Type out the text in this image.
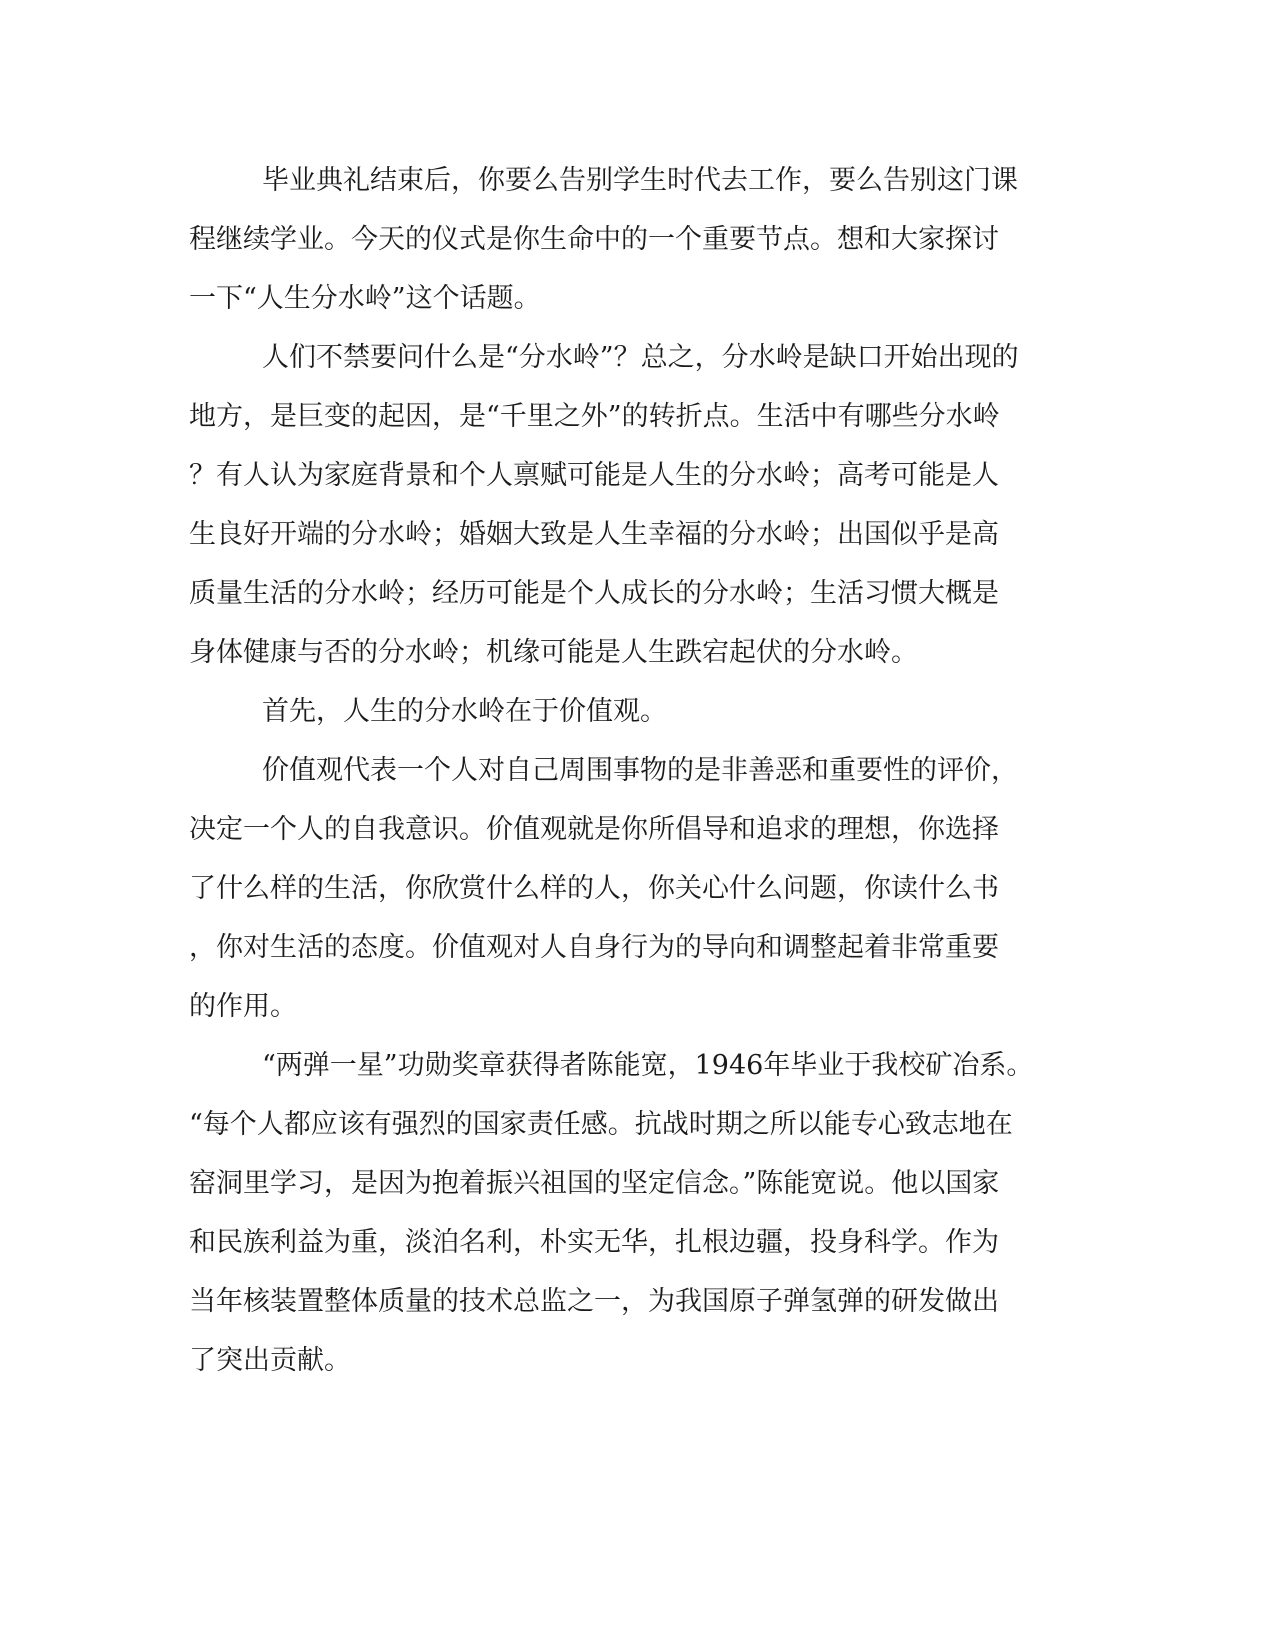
毕业典礼结束后，你要么告别学生时代去工作，要么告别这门课
程继续学业。今天的仪式是你生命中的一个重要节点。想和大家探讨
一下“人生分水岭”这个话题。
人们不禁要问什么是“分水岭”？总之，分水岭是缺口开始出现的
地方，是巨变的起因，是“千里之外”的转折点。生活中有哪些分水岭
？有人认为家庭背景和个人禀赋可能是人生的分水岭；高考可能是人
生良好开端的分水岭；婚姻大致是人生幸福的分水岭；出国似乎是高
质量生活的分水岭；经历可能是个人成长的分水岭；生活习惯大概是
身体健康与否的分水岭；机缘可能是人生跌宕起伏的分水岭。
首先，人生的分水岭在于价值观。
价值观代表一个人对自己周围事物的是非善恶和重要性的评价，
决定一个人的自我意识。价值观就是你所倡导和追求的理想，你选择
了什么样的生活，你欣赏什么样的人，你关心什么问题，你读什么书
，你对生活的态度。价值观对人自身行为的导向和调整起着非常重要
的作用。
“两弹一星”功勋奖章获得者陈能宽，1946年毕业于我校矿冶系。
“每个人都应该有强烈的国家责任感。抗战时期之所以能专心致志地在
窑洞里学习，是因为抱着振兴祖国的坚定信念。”陈能宽说。他以国家
和民族利益为重，淡泊名利，朴实无华，扎根边疆，投身科学。作为
当年核装置整体质量的技术总监之一，为我国原子弹氢弹的研发做出
了突出贡献。
